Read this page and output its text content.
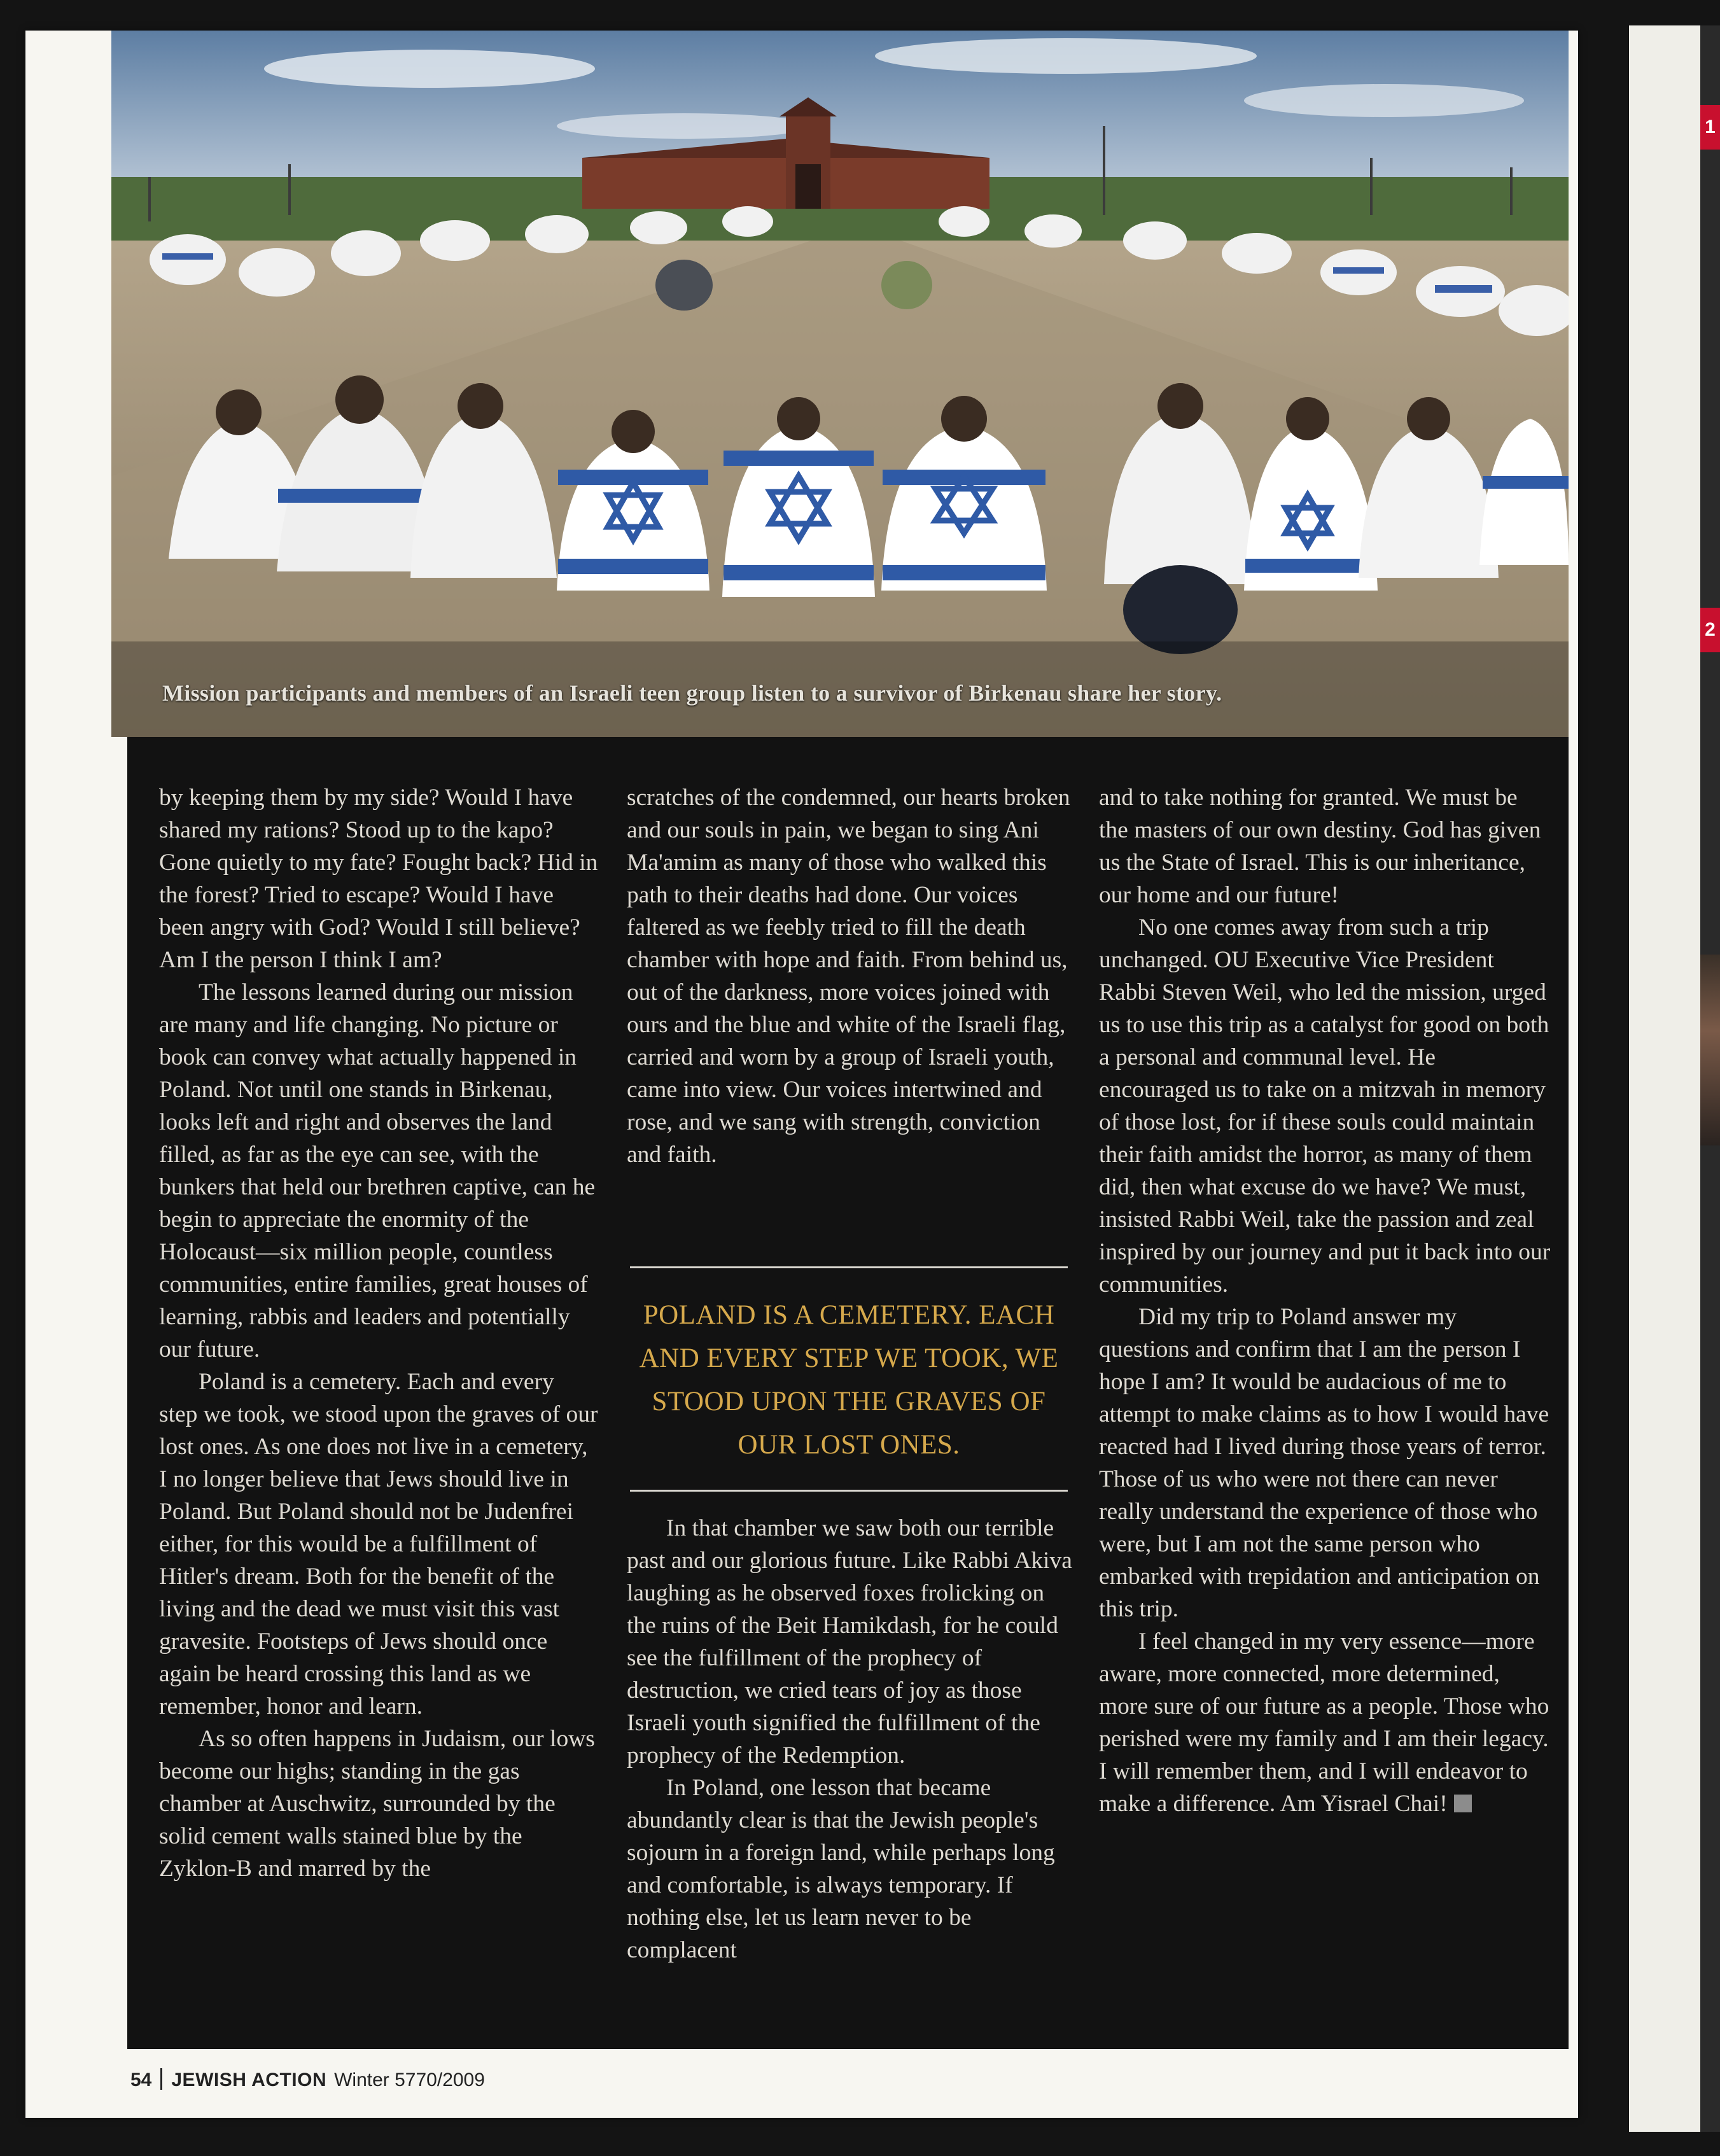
1
2
Mission participants and members of an Israeli teen group listen to a survivor of Birkenau share her story.

by keeping them by my side? Would I have shared my rations? Stood up to the kapo? Gone quietly to my fate? Fought back? Hid in the forest? Tried to escape? Would I have been angry with God? Would I still believe? Am I the person I think I am?

The lessons learned during our mission are many and life changing. No picture or book can convey what actually happened in Poland. Not until one stands in Birkenau, looks left and right and observes the land filled, as far as the eye can see, with the bunkers that held our brethren captive, can he begin to appreciate the enormity of the Holocaust—six million people, countless communities, entire families, great houses of learning, rabbis and leaders and potentially our future.

Poland is a cemetery. Each and every step we took, we stood upon the graves of our lost ones. As one does not live in a cemetery, I no longer believe that Jews should live in Poland. But Poland should not be Judenfrei either, for this would be a fulfillment of Hitler's dream. Both for the benefit of the living and the dead we must visit this vast gravesite. Footsteps of Jews should once again be heard crossing this land as we remember, honor and learn.

As so often happens in Judaism, our lows become our highs; standing in the gas chamber at Auschwitz, surrounded by the solid cement walls stained blue by the Zyklon-B and marred by the

scratches of the condemned, our hearts broken and our souls in pain, we began to sing Ani Ma'amim as many of those who walked this path to their deaths had done. Our voices faltered as we feebly tried to fill the death chamber with hope and faith. From behind us, out of the darkness, more voices joined with ours and the blue and white of the Israeli flag, carried and worn by a group of Israeli youth, came into view. Our voices intertwined and rose, and we sang with strength, conviction and faith.

POLAND IS A CEMETERY. EACH AND EVERY STEP WE TOOK, WE STOOD UPON THE GRAVES OF OUR LOST ONES.

In that chamber we saw both our terrible past and our glorious future. Like Rabbi Akiva laughing as he observed foxes frolicking on the ruins of the Beit Hamikdash, for he could see the fulfillment of the prophecy of destruction, we cried tears of joy as those Israeli youth signified the fulfillment of the prophecy of the Redemption.

In Poland, one lesson that became abundantly clear is that the Jewish people's sojourn in a foreign land, while perhaps long and comfortable, is always temporary. If nothing else, let us learn never to be complacent

and to take nothing for granted. We must be the masters of our own destiny. God has given us the State of Israel. This is our inheritance, our home and our future!

No one comes away from such a trip unchanged. OU Executive Vice President Rabbi Steven Weil, who led the mission, urged us to use this trip as a catalyst for good on both a personal and communal level. He encouraged us to take on a mitzvah in memory of those lost, for if these souls could maintain their faith amidst the horror, as many of them did, then what excuse do we have? We must, insisted Rabbi Weil, take the passion and zeal inspired by our journey and put it back into our communities.

Did my trip to Poland answer my questions and confirm that I am the person I hope I am? It would be audacious of me to attempt to make claims as to how I would have reacted had I lived during those years of terror. Those of us who were not there can never really understand the experience of those who were, but I am not the same person who embarked with trepidation and anticipation on this trip.

I feel changed in my very essence—more aware, more connected, more determined, more sure of our future as a people. Those who perished were my family and I am their legacy. I will remember them, and I will endeavor to make a difference. Am Yisrael Chai!

54 JEWISH ACTION Winter 5770/2009
